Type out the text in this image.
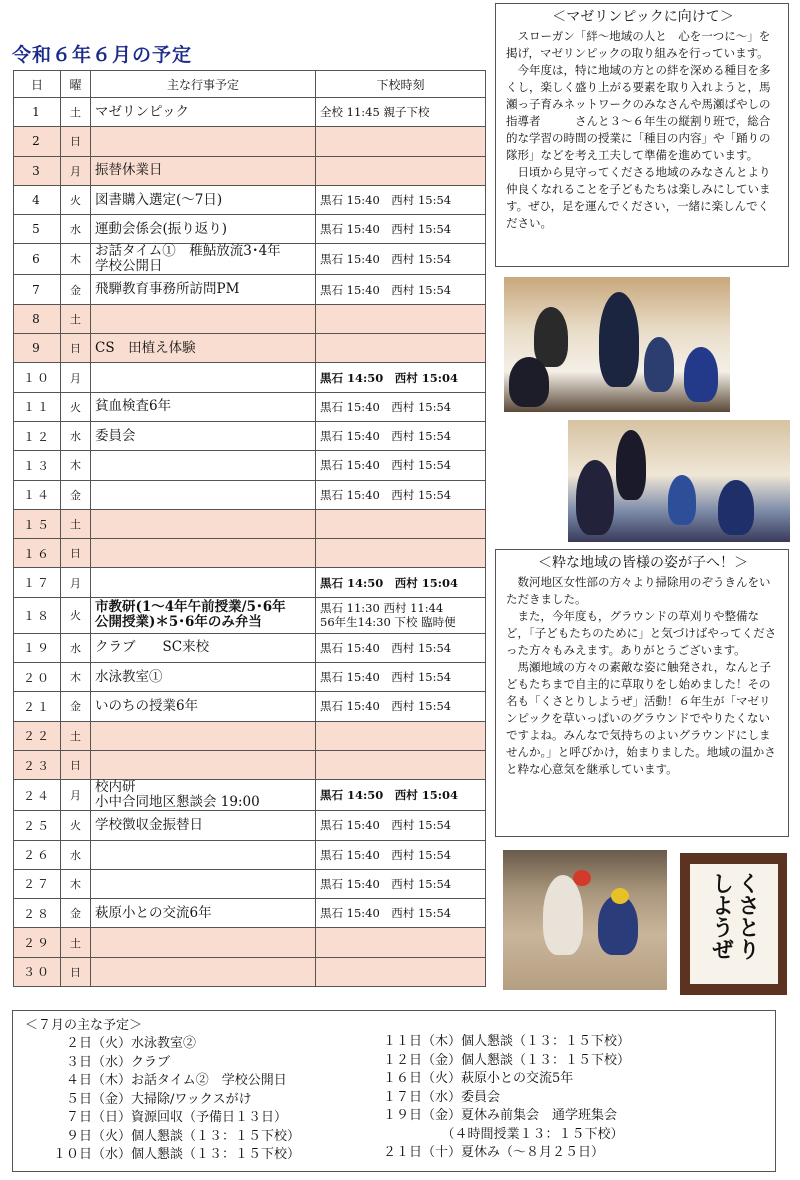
令和６年６月の予定
日	曜	主な行事予定	下校時刻
1	土	マゼリンピック	全校 11:45 親子下校
2	日		
3	月	振替休業日	
4	火	図書購入選定(～7日)	黒石 15:40　西村 15:54
5	水	運動会係会(振り返り)	黒石 15:40　西村 15:54
6	木	お話タイム①　稚鮎放流3･4年
学校公開日	黒石 15:40　西村 15:54
7	金	飛騨教育事務所訪問PM	黒石 15:40　西村 15:54
8	土		
9	日	CS　田植え体験	
１０	月		黒石 14:50　西村 15:04
１１	火	貧血検査6年	黒石 15:40　西村 15:54
１２	水	委員会	黒石 15:40　西村 15:54
１３	木		黒石 15:40　西村 15:54
１４	金		黒石 15:40　西村 15:54
１５	土		
１６	日		
１７	月		黒石 14:50　西村 15:04
１８	火	市教研(1～4年午前授業/5･6年
公開授業)＊5･6年のみ弁当	黒石 11:30 西村 11:44
56年生14:30 下校 臨時便
１９	水	クラブ　　SC来校	黒石 15:40　西村 15:54
２０	木	水泳教室①	黒石 15:40　西村 15:54
２１	金	いのちの授業6年	黒石 15:40　西村 15:54
２２	土		
２３	日		
２４	月	校内研
小中合同地区懇談会 19:00	黒石 14:50　西村 15:04
２５	火	学校徴収金振替日	黒石 15:40　西村 15:54
２６	水		黒石 15:40　西村 15:54
２７	木		黒石 15:40　西村 15:54
２８	金	萩原小との交流6年	黒石 15:40　西村 15:54
２９	土		
３０	日		
＜マゼリンピックに向けて＞

スローガン「絆～地域の人と　心を一つに～」を掲げ，マゼリンピックの取り組みを行っています。

今年度は，特に地域の方との絆を深める種目を多くし，楽しく盛り上がる要素を取り入れようと，馬瀬っ子育みネットワークのみなさんや馬瀬ばやしの指導者　　　さんと３～６年生の縦割り班で，総合的な学習の時間の授業に「種目の内容」や「踊りの隊形」などを考え工夫して準備を進めています。

日頃から見守ってくださる地域のみなさんとより仲良くなれることを子どもたちは楽しみにしています。ぜひ，足を運んでください，一緒に楽しんでください。

＜粋な地域の皆様の姿が子へ！＞

数河地区女性部の方々より掃除用のぞうきんをいただきました。

また，今年度も，グラウンドの草刈りや整備など，「子どもたちのために」と気づけばやってくださった方々もみえます。ありがとうございます。

馬瀬地域の方々の素敵な姿に触発され，なんと子どもたちまで自主的に草取りをし始めました！その名も「くさとりしようぜ」活動！６年生が「マゼリンピックを草いっぱいのグラウンドでやりたくないですよね。みんなで気持ちのよいグラウンドにしませんか。」と呼びかけ，始まりました。地域の温かさと粋な心意気を継承しています。

くさとり
しようぜ
＜７月の主な予定＞
　２日（火）水泳教室②
　３日（水）クラブ
　４日（木）お話タイム②　学校公開日
　５日（金）大掃除/ワックスがけ
　７日（日）資源回収（予備日１３日）
　９日（火）個人懇談（１３：１５下校）
１０日（水）個人懇談（１３：１５下校）
１１日（木）個人懇談（１３：１５下校）
１２日（金）個人懇談（１３：１５下校）
１６日（火）萩原小との交流5年
１７日（水）委員会
１９日（金）夏休み前集会　通学班集会
　　　　　（４時間授業１３：１５下校）
２１日（十）夏休み（～８月２５日）
